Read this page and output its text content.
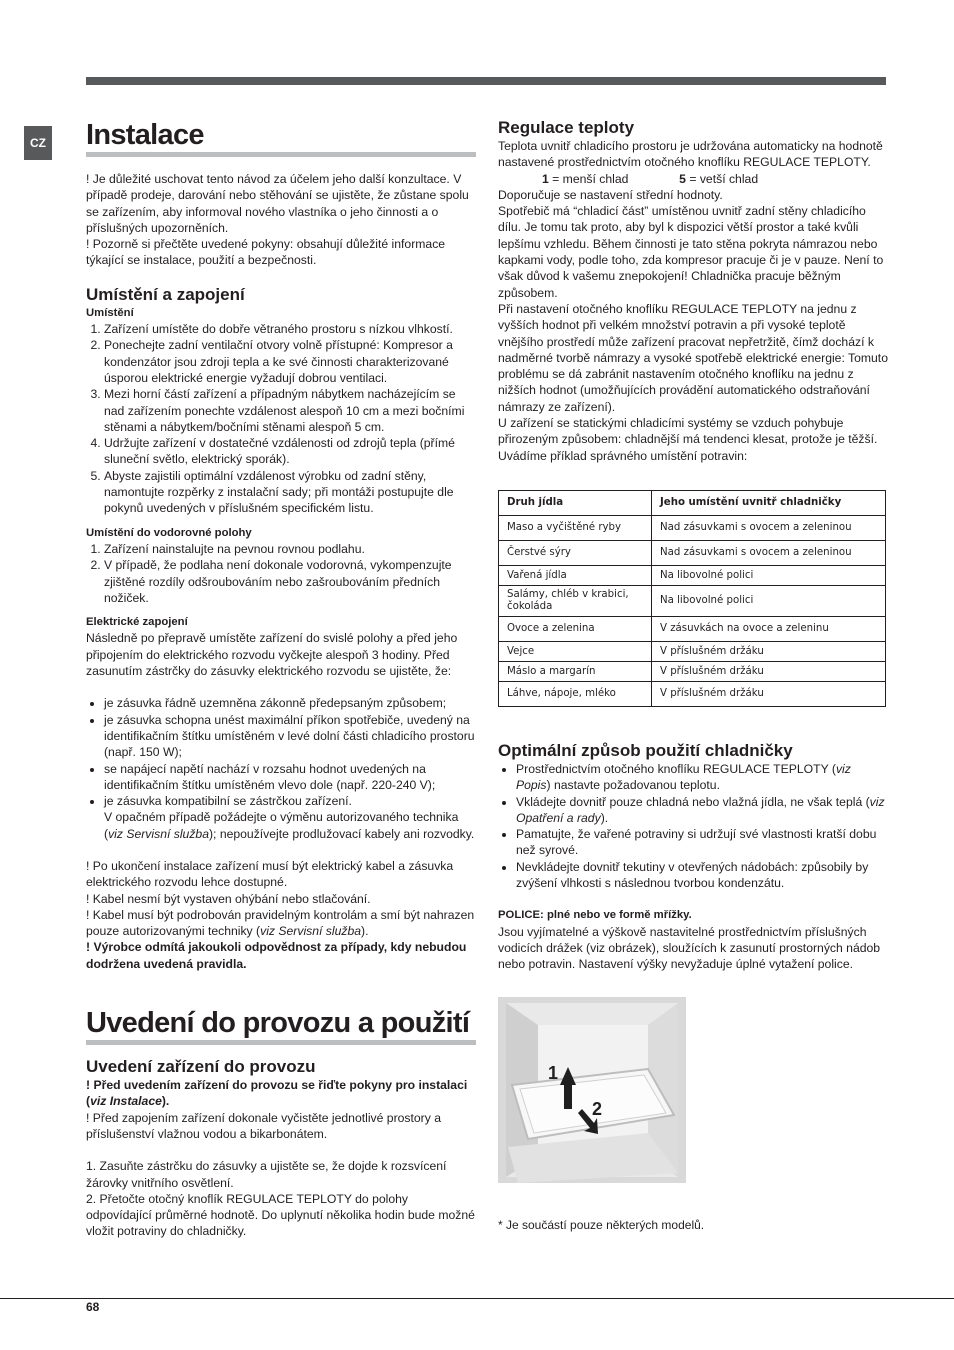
CZ Instalace

! Je důležité uschovat tento návod za účelem jeho další konzultace. V případě prodeje, darování nebo stěhování se ujistěte, že zůstane spolu se zařízením, aby informoval nového vlastníka o jeho činnosti a o příslušných upozorněních.

! Pozorně si přečtěte uvedené pokyny: obsahují důležité informace týkající se instalace, použití a bezpečnosti.

Umístění a zapojení

Umístění

1. Zařízení umístěte do dobře větraného prostoru s nízkou vlhkostí.
2. Ponechejte zadní ventilační otvory volně přístupné: Kompresor a kondenzátor jsou zdroji tepla a ke své činnosti charakterizované úsporou elektrické energie vyžadují dobrou ventilaci.
3. Mezi horní částí zařízení a případným nábytkem nacházejícím se nad zařízením ponechte vzdálenost alespoň 10 cm a mezi bočními stěnami a nábytkem/bočními stěnami alespoň 5 cm.
4. Udržujte zařízení v dostatečné vzdálenosti od zdrojů tepla (přímé sluneční světlo, elektrický sporák).
5. Abyste zajistili optimální vzdálenost výrobku od zadní stěny, namontujte rozpěrky z instalační sady; při montáži postupujte dle pokynů uvedených v příslušném specifickém listu.

Umístění do vodorovné polohy

1. Zařízení nainstalujte na pevnou rovnou podlahu.
2. V případě, že podlaha není dokonale vodorovná, vykompenzujte zjištěné rozdíly odšroubováním nebo zašroubováním předních nožiček.

Elektrické zapojení

Následně po přepravě umístěte zařízení do svislé polohy a před jeho připojením do elektrického rozvodu vyčkejte alespoň 3 hodiny. Před zasunutím zástrčky do zásuvky elektrického rozvodu se ujistěte, že:

• je zásuvka řádně uzemněna zákonně předepsaným způsobem;
• je zásuvka schopna unést maximální příkon spotřebiče, uvedený na identifikačním štítku umístěném v levé dolní části chladicího prostoru (např. 150 W);
• se napájecí napětí nachází v rozsahu hodnot uvedených na identifikačním štítku umístěném vlevo dole (např. 220-240 V);
• je zásuvka kompatibilní se zástrčkou zařízení.
V opačném případě požádejte o výměnu autorizovaného technika (viz Servisní služba); nepoužívejte prodlužovací kabely ani rozvodky.

! Po ukončení instalace zařízení musí být elektrický kabel a zásuvka elektrického rozvodu lehce dostupné.

! Kabel nesmí být vystaven ohýbání nebo stlačování.

! Kabel musí být podrobován pravidelným kontrolám a smí být nahrazen pouze autorizovanými techniky (viz Servisní služba).

! Výrobce odmítá jakoukoli odpovědnost za případy, kdy nebudou dodržena uvedená pravidla.

Uvedení do provozu a použití
Uvedení zařízení do provozu

! Před uvedením zařízení do provozu se řiďte pokyny pro instalaci (viz Instalace).

! Před zapojením zařízení dokonale vyčistěte jednotlivé prostory a příslušenství vlažnou vodou a bikarbonátem.

1. Zasuňte zástrčku do zásuvky a ujistěte se, že dojde k rozsvícení žárovky vnitřního osvětlení.

2. Přetočte otočný knoflík REGULACE TEPLOTY do polohy odpovídající průměrné hodnotě. Do uplynutí několika hodin bude možné vložit potraviny do chladničky.

Regulace teploty

Teplota uvnitř chladicího prostoru je udržována automaticky na hodnotě nastavené prostřednictvím otočného knoflíku REGULACE TEPLOTY.

1 = menší chlad	5 = vetší chlad

Doporučuje se nastavení střední hodnoty.

Spotřebič má “chladicí část” umístěnou uvnitř zadní stěny chladicího dílu. Je tomu tak proto, aby byl k dispozici větší prostor a také kvůli lepšímu vzhledu. Během činnosti je tato stěna pokryta námrazou nebo kapkami vody, podle toho, zda kompresor pracuje či je v pauze. Není to však důvod k vašemu znepokojení! Chladnička pracuje běžným způsobem.

Při nastavení otočného knoflíku REGULACE TEPLOTY na jednu z vyšších hodnot při velkém množství potravin a při vysoké teplotě vnějšího prostředí může zařízení pracovat nepřetržitě, čímž dochází k nadměrné tvorbě námrazy a vysoké spotřebě elektrické energie: Tomuto problému se dá zabránit nastavením otočného knoflíku na jednu z nižších hodnot (umožňujících provádění automatického odstraňování námrazy ze zařízení).

U zařízení se statickými chladicími systémy se vzduch pohybuje přirozeným způsobem: chladnější má tendenci klesat, protože je těžší. Uvádíme příklad správného umístění potravin:

Druh jídla	Jeho umístění uvnitř chladničky
Maso a vyčištěné ryby	Nad zásuvkami s ovocem a zeleninou
Čerstvé sýry	Nad zásuvkami s ovocem a zeleninou
Vařená jídla	Na libovolné polici
Salámy, chléb v krabici, čokoláda	Na libovolné polici
Ovoce a zelenina	V zásuvkách na ovoce a zeleninu
Vejce	V příslušném držáku
Máslo a margarín	V příslušném držáku
Láhve, nápoje, mléko	V příslušném držáku
Optimální způsob použití chladničky
• Prostřednictvím otočného knoflíku REGULACE TEPLOTY (viz Popis) nastavte požadovanou teplotu.
• Vkládejte dovnitř pouze chladná nebo vlažná jídla, ne však teplá (viz Opatření a rady).
• Pamatujte, že vařené potraviny si udržují své vlastnosti kratší dobu než syrové.
• Nevkládejte dovnitř tekutiny v otevřených nádobách: způsobily by zvýšení vlhkosti s následnou tvorbou kondenzátu.

POLICE: plné nebo ve formě mřížky.

Jsou vyjímatelné a výškově nastavitelné prostřednictvím příslušných vodicích drážek (viz obrázek), sloužících k zasunutí prostorných nádob nebo potravin. Nastavení výšky nevyžaduje úplné vytažení police.

1
2

* Je součástí pouze některých modelů.

68
